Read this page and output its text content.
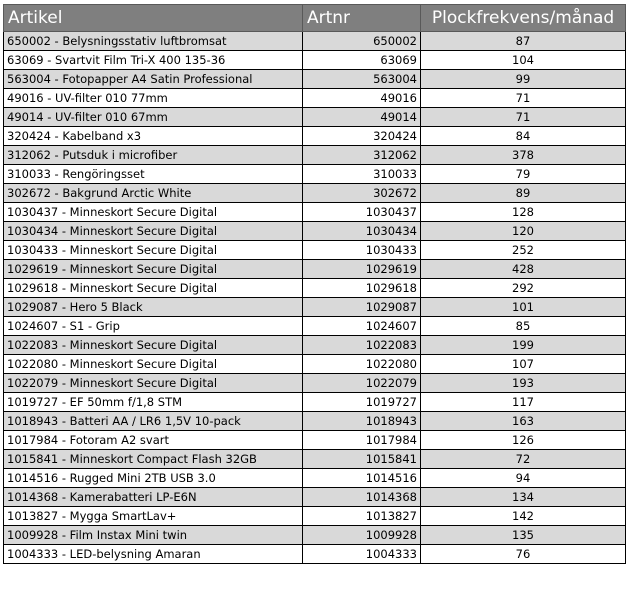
Artikel	Artnr	Plockfrekvens/månad
650002 - Belysningsstativ luftbromsat	650002	87
63069 - Svartvit Film Tri-X 400 135-36	63069	104
563004 - Fotopapper A4 Satin Professional	563004	99
49016 - UV-filter 010 77mm	49016	71
49014 - UV-filter 010 67mm	49014	71
320424 - Kabelband x3	320424	84
312062 - Putsduk i microfiber	312062	378
310033 - Rengöringsset	310033	79
302672 - Bakgrund Arctic White	302672	89
1030437 - Minneskort Secure Digital	1030437	128
1030434 - Minneskort Secure Digital	1030434	120
1030433 - Minneskort Secure Digital	1030433	252
1029619 - Minneskort Secure Digital	1029619	428
1029618 - Minneskort Secure Digital	1029618	292
1029087 - Hero 5 Black	1029087	101
1024607 - S1 - Grip	1024607	85
1022083 - Minneskort Secure Digital	1022083	199
1022080 - Minneskort Secure Digital	1022080	107
1022079 - Minneskort Secure Digital	1022079	193
1019727 - EF 50mm f/1,8 STM	1019727	117
1018943 - Batteri AA / LR6 1,5V 10-pack	1018943	163
1017984 - Fotoram A2 svart	1017984	126
1015841 - Minneskort Compact Flash 32GB	1015841	72
1014516 - Rugged Mini 2TB USB 3.0	1014516	94
1014368 - Kamerabatteri LP-E6N	1014368	134
1013827 - Mygga SmartLav+	1013827	142
1009928 - Film Instax Mini twin	1009928	135
1004333 - LED-belysning Amaran	1004333	76
